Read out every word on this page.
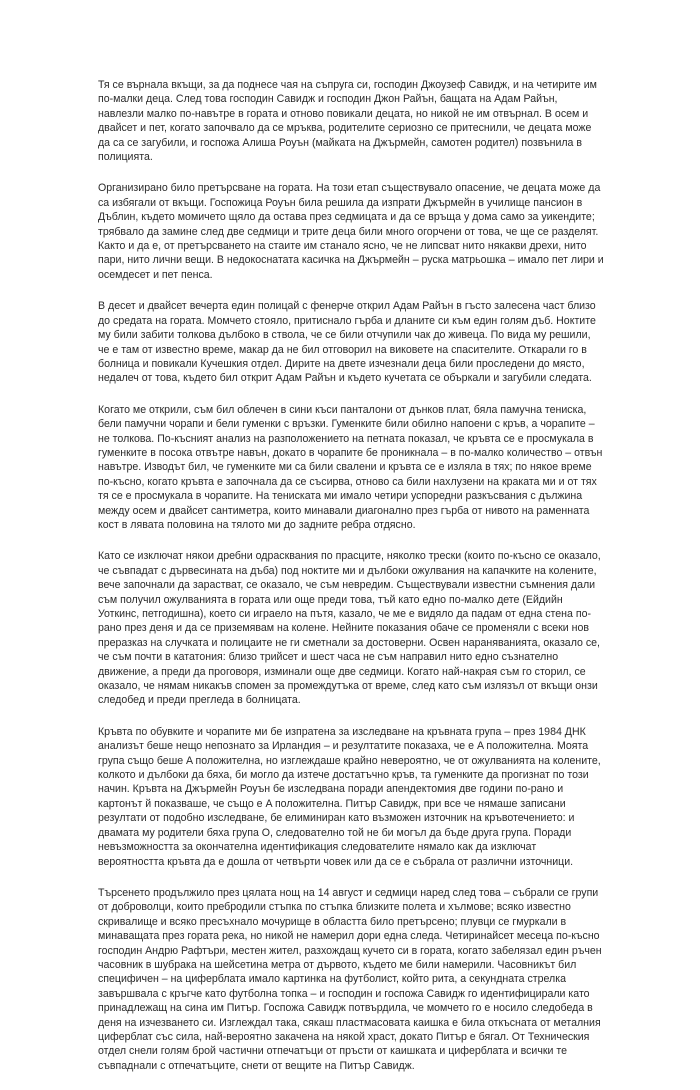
Тя се върнала вкъщи, за да поднесе чая на съпруга си, господин Джоузеф Савидж, и на четирите им по-малки деца. След това господин Савидж и господин Джон Райън, бащата на Адам Райън, навлезли малко по-навътре в гората и отново повикали децата, но никой не им отвърнал. В осем и двайсет и пет, когато започвало да се мръква, родителите сериозно се притеснили, че децата може да са се загубили, и госпожа Алиша Роуън (майката на Джърмейн, самотен родител) позвънила в полицията.

Организирано било претърсване на гората. На този етап съществувало опасение, че децата може да са избягали от вкъщи. Госпожица Роуън била решила да изпрати Джърмейн в училище пансион в Дъблин, където момичето щяло да остава през седмицата и да се връща у дома само за уикендите; трябвало да замине след две седмици и трите деца били много огорчени от това, че ще се разделят. Както и да е, от претърсването на стаите им станало ясно, че не липсват нито някакви дрехи, нито пари, нито лични вещи. В недокоснатата касичка на Джърмейн – руска матрьошка – имало пет лири и осемдесет и пет пенса.

В десет и двайсет вечерта един полицай с фенерче открил Адам Райън в гъсто залесена част близо до средата на гората. Момчето стояло, притиснало гърба и дланите си към един голям дъб. Ноктите му били забити толкова дълбоко в ствола, че се били отчупили чак до живеца. По вида му решили, че е там от известно време, макар да не бил отговорил на виковете на спасителите. Откарали го в болница и повикали Кучешкия отдел. Дирите на двете изчезнали деца били проследени до място, недалеч от това, където бил открит Адам Райън и където кучетата се объркали и загубили следата.

Когато ме открили, съм бил облечен в сини къси панталони от дънков плат, бяла памучна тениска, бели памучни чорапи и бели гуменки с връзки. Гуменките били обилно напоени с кръв, а чорапите – не толкова. По-късният анализ на разположението на петната показал, че кръвта се е просмукала в гуменките в посока отвътре навън, докато в чорапите бе проникнала – в по-малко количество – отвън навътре. Изводът бил, че гуменките ми са били свалени и кръвта се е изляла в тях; по някое време по-късно, когато кръвта е започнала да се съсирва, отново са били нахлузени на краката ми и от тях тя се е просмукала в чорапите. На тениската ми имало четири успоредни разкъсвания с дължина между осем и двайсет сантиметра, които минавали диагонално през гърба от нивото на раменната кост в лявата половина на тялото ми до задните ребра отдясно.

Като се изключат някои дребни одрасквания по прасците, няколко трески (които по-късно се оказало, че съвпадат с дървесината на дъба) под ноктите ми и дълбоки ожулвания на капачките на колените, вече започнали да зарастват, се оказало, че съм невредим. Съществували известни съмнения дали съм получил ожулванията в гората или още преди това, тъй като едно по-малко дете (Ейдийн Уоткинс, петгодишна), което си играело на пътя, казало, че ме е видяло да падам от една стена по-рано през деня и да се приземявам на колене. Нейните показания обаче се променяли с всеки нов преразказ на случката и полицаите не ги сметнали за достоверни. Освен нараняванията, оказало се, че съм почти в кататония: близо трийсет и шест часа не съм направил нито едно съзнателно движение, а преди да проговоря, изминали още две седмици. Когато най-накрая съм го сторил, се оказало, че нямам никакъв спомен за промеждутъка от време, след като съм излязъл от вкъщи онзи следобед и преди прегледа в болницата.

Кръвта по обувките и чорапите ми бе изпратена за изследване на кръвната група – през 1984 ДНК анализът беше нещо непознато за Ирландия – и резултатите показаха, че е A положителна. Моята група също беше A положителна, но изглеждаше крайно невероятно, че от ожулванията на колените, колкото и дълбоки да бяха, би могло да изтече достатъчно кръв, та гуменките да прогизнат по този начин. Кръвта на Джърмейн Роуън бе изследвана поради апендектомия две години по-рано и картонът й показваше, че също е A положителна. Питър Савидж, при все че нямаше записани резултати от подобно изследване, бе елиминиран като възможен източник на кръвотечението: и двамата му родители бяха група O, следователно той не би могъл да бъде друга група. Поради невъзможността за окончателна идентификация следователите нямало как да изключат вероятността кръвта да е дошла от четвърти човек или да се е събрала от различни източници.

Търсенето продължило през цялата нощ на 14 август и седмици наред след това – събрали се групи от доброволци, които пребродили стъпка по стъпка близките полета и хълмове; всяко известно скривалище и всяко пресъхнало мочурище в областта било претърсено; плувци се гмуркали в минаващата през гората река, но никой не намерил дори една следа. Четиринайсет месеца по-късно господин Андрю Рафтъри, местен жител, разхождащ кучето си в гората, когато забелязал един ръчен часовник в шубрака на шейсетина метра от дървото, където ме били намерили. Часовникът бил специфичен – на циферблата имало картинка на футболист, който рита, а секундната стрелка завършвала с кръгче като футболна топка – и господин и госпожа Савидж го идентифицирали като принадлежащ на сина им Питър. Госпожа Савидж потвърдила, че момчето го е носило следобеда в деня на изчезването си. Изглеждал така, сякаш пластмасовата каишка е била откъсната от металния циферблат със сила, най-вероятно закачена на някой храст, докато Питър е бягал. От Техническия отдел снели голям брой частични отпечатъци от пръсти от каишката и циферблата и всички те съвпаднали с отпечатъците, снети от вещите на Питър Савидж.
